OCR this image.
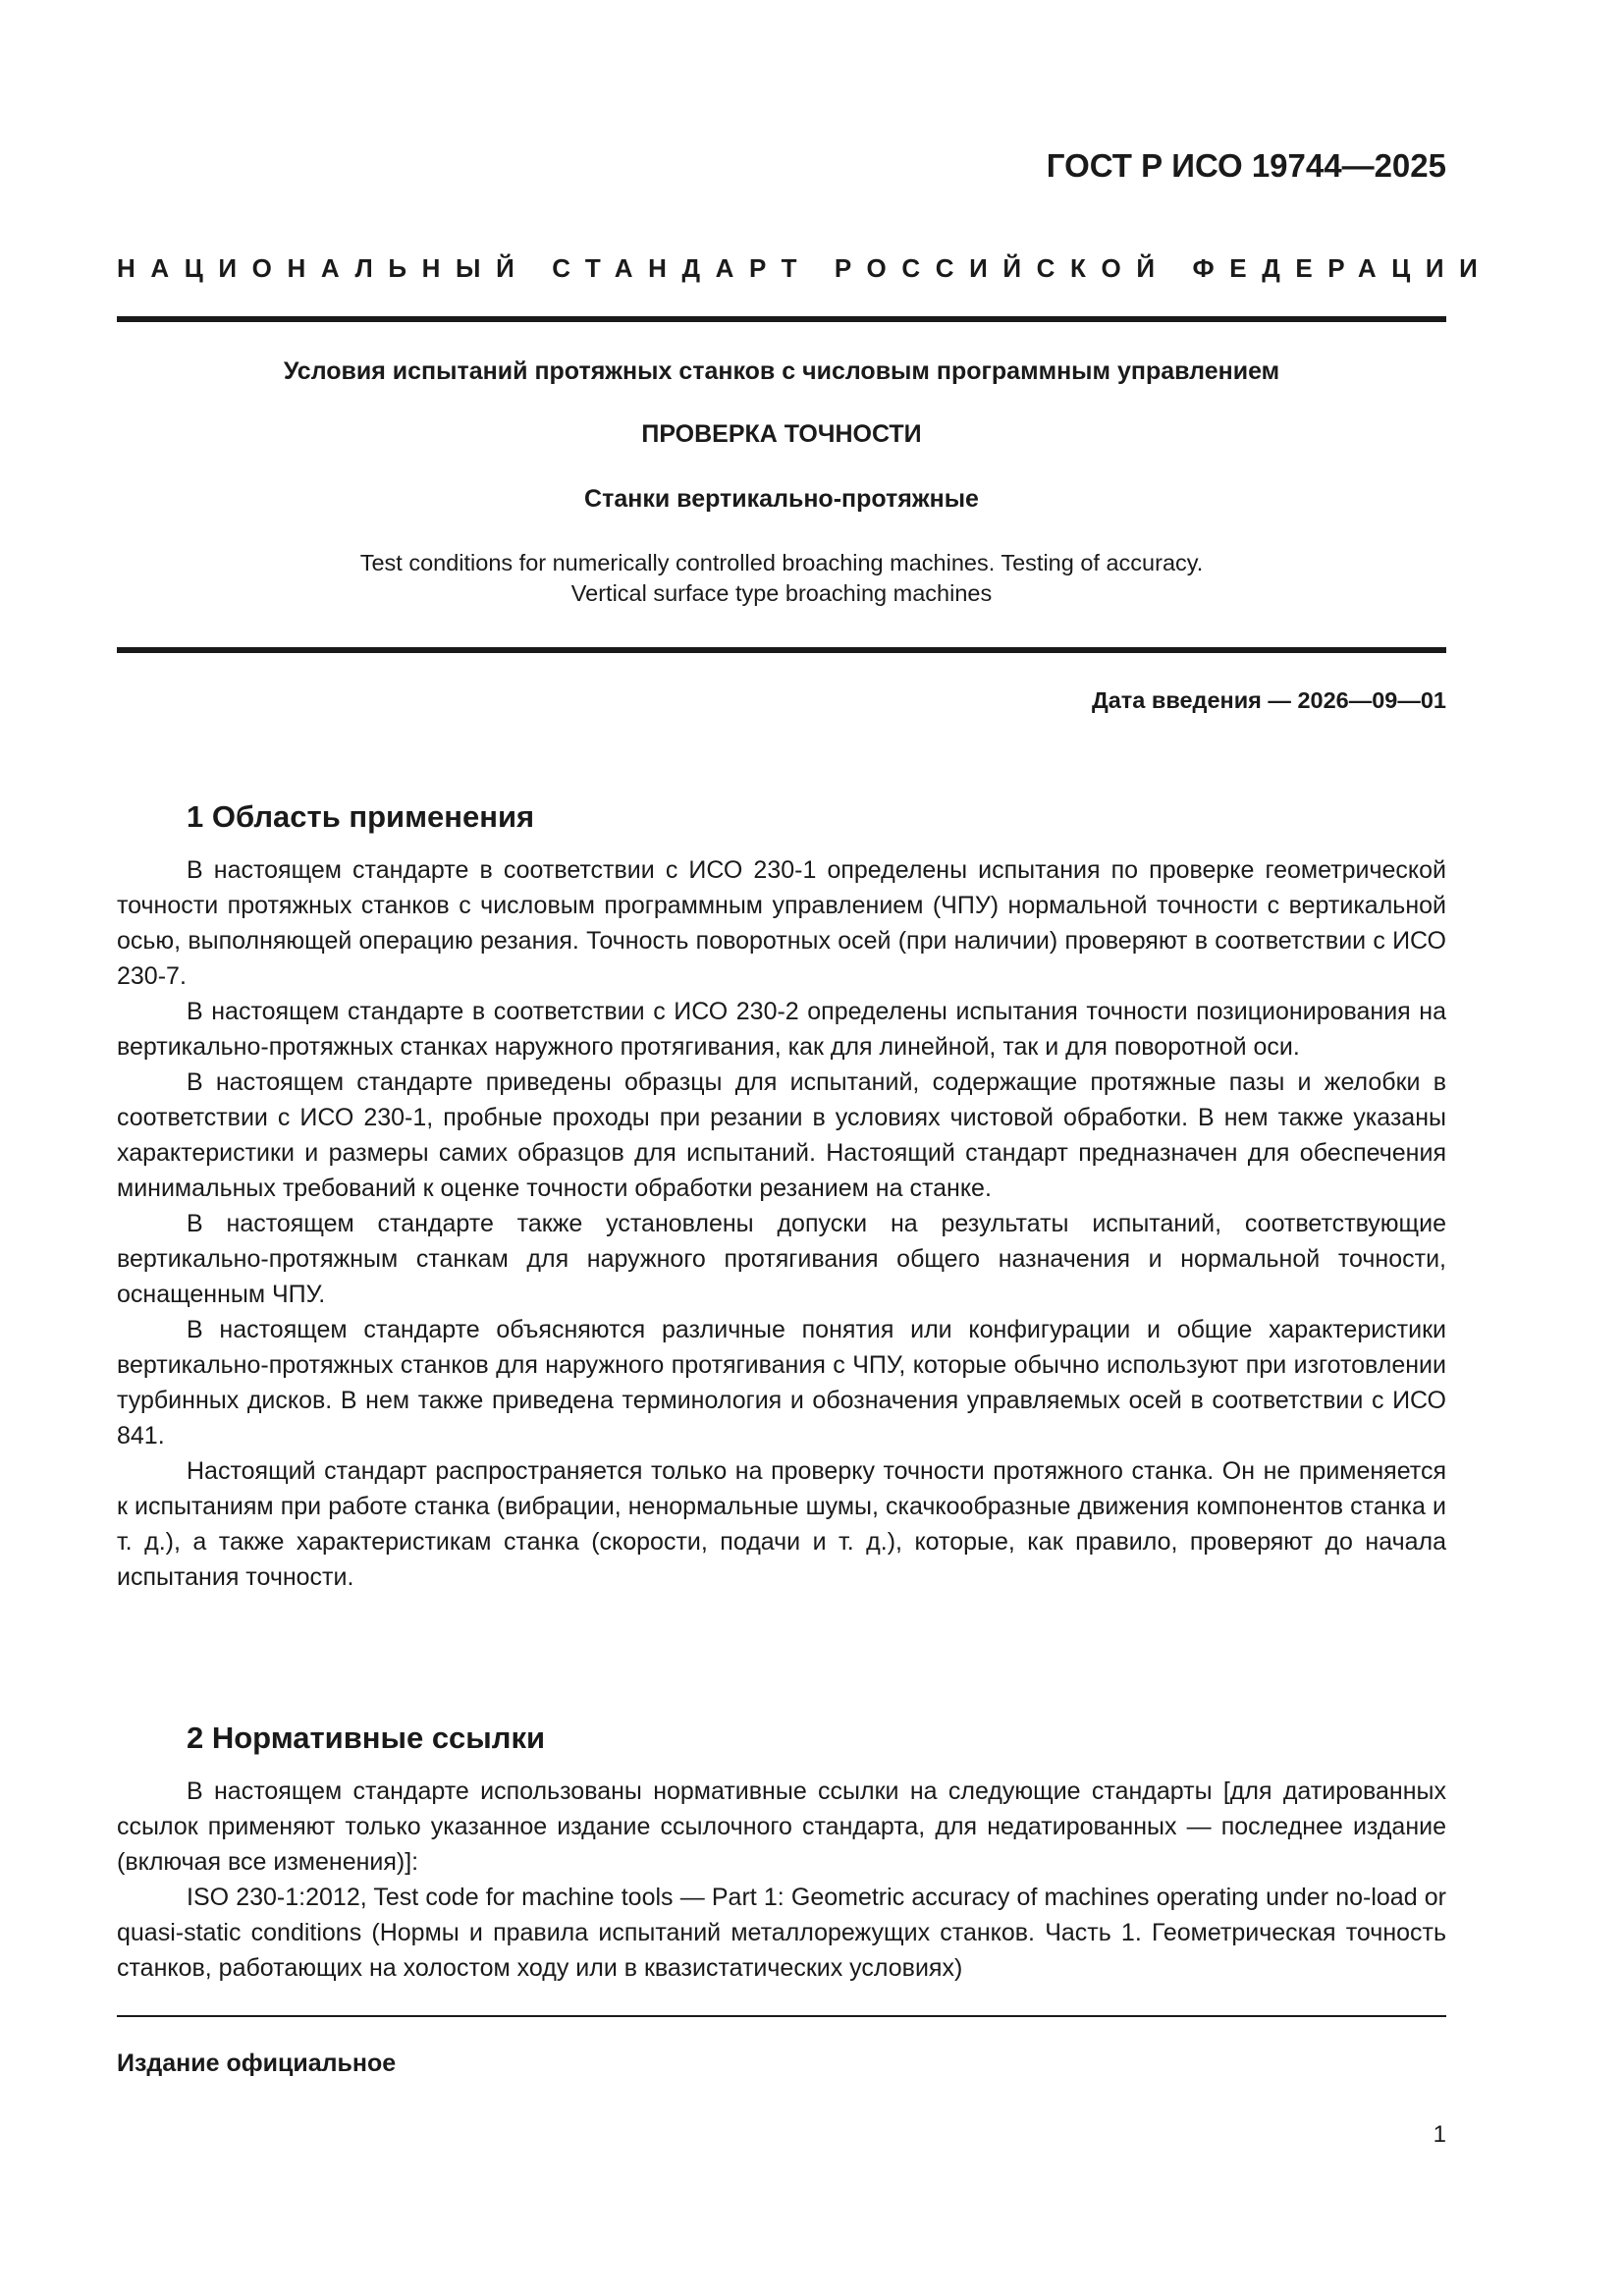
ГОСТ Р ИСО 19744—2025
НАЦИОНАЛЬНЫЙ СТАНДАРТ РОССИЙСКОЙ ФЕДЕРАЦИИ
Условия испытаний протяжных станков с числовым программным управлением
ПРОВЕРКА ТОЧНОСТИ
Станки вертикально-протяжные
Test conditions for numerically controlled broaching machines. Testing of accuracy.
Vertical surface type broaching machines
Дата введения — 2026—09—01
1 Область применения

В настоящем стандарте в соответствии с ИСО 230-1 определены испытания по проверке геометрической точности протяжных станков с числовым программным управлением (ЧПУ) нормальной точности с вертикальной осью, выполняющей операцию резания. Точность поворотных осей (при наличии) проверяют в соответствии с ИСО 230-7.

В настоящем стандарте в соответствии с ИСО 230-2 определены испытания точности позиционирования на вертикально-протяжных станках наружного протягивания, как для линейной, так и для поворотной оси.

В настоящем стандарте приведены образцы для испытаний, содержащие протяжные пазы и желобки в соответствии с ИСО 230-1, пробные проходы при резании в условиях чистовой обработки. В нем также указаны характеристики и размеры самих образцов для испытаний. Настоящий стандарт предназначен для обеспечения минимальных требований к оценке точности обработки резанием на станке.

В настоящем стандарте также установлены допуски на результаты испытаний, соответствующие вертикально-протяжным станкам для наружного протягивания общего назначения и нормальной точности, оснащенным ЧПУ.

В настоящем стандарте объясняются различные понятия или конфигурации и общие характеристики вертикально-протяжных станков для наружного протягивания с ЧПУ, которые обычно используют при изготовлении турбинных дисков. В нем также приведена терминология и обозначения управляемых осей в соответствии с ИСО 841.

Настоящий стандарт распространяется только на проверку точности протяжного станка. Он не применяется к испытаниям при работе станка (вибрации, ненормальные шумы, скачкообразные движения компонентов станка и т. д.), а также характеристикам станка (скорости, подачи и т. д.), которые, как правило, проверяют до начала испытания точности.

2 Нормативные ссылки

В настоящем стандарте использованы нормативные ссылки на следующие стандарты [для датированных ссылок применяют только указанное издание ссылочного стандарта, для недатированных — последнее издание (включая все изменения)]:

ISO 230-1:2012, Test code for machine tools — Part 1: Geometric accuracy of machines operating under no-load or quasi-static conditions (Нормы и правила испытаний металлорежущих станков. Часть 1. Геометрическая точность станков, работающих на холостом ходу или в квазистатических условиях)

Издание официальное
1
